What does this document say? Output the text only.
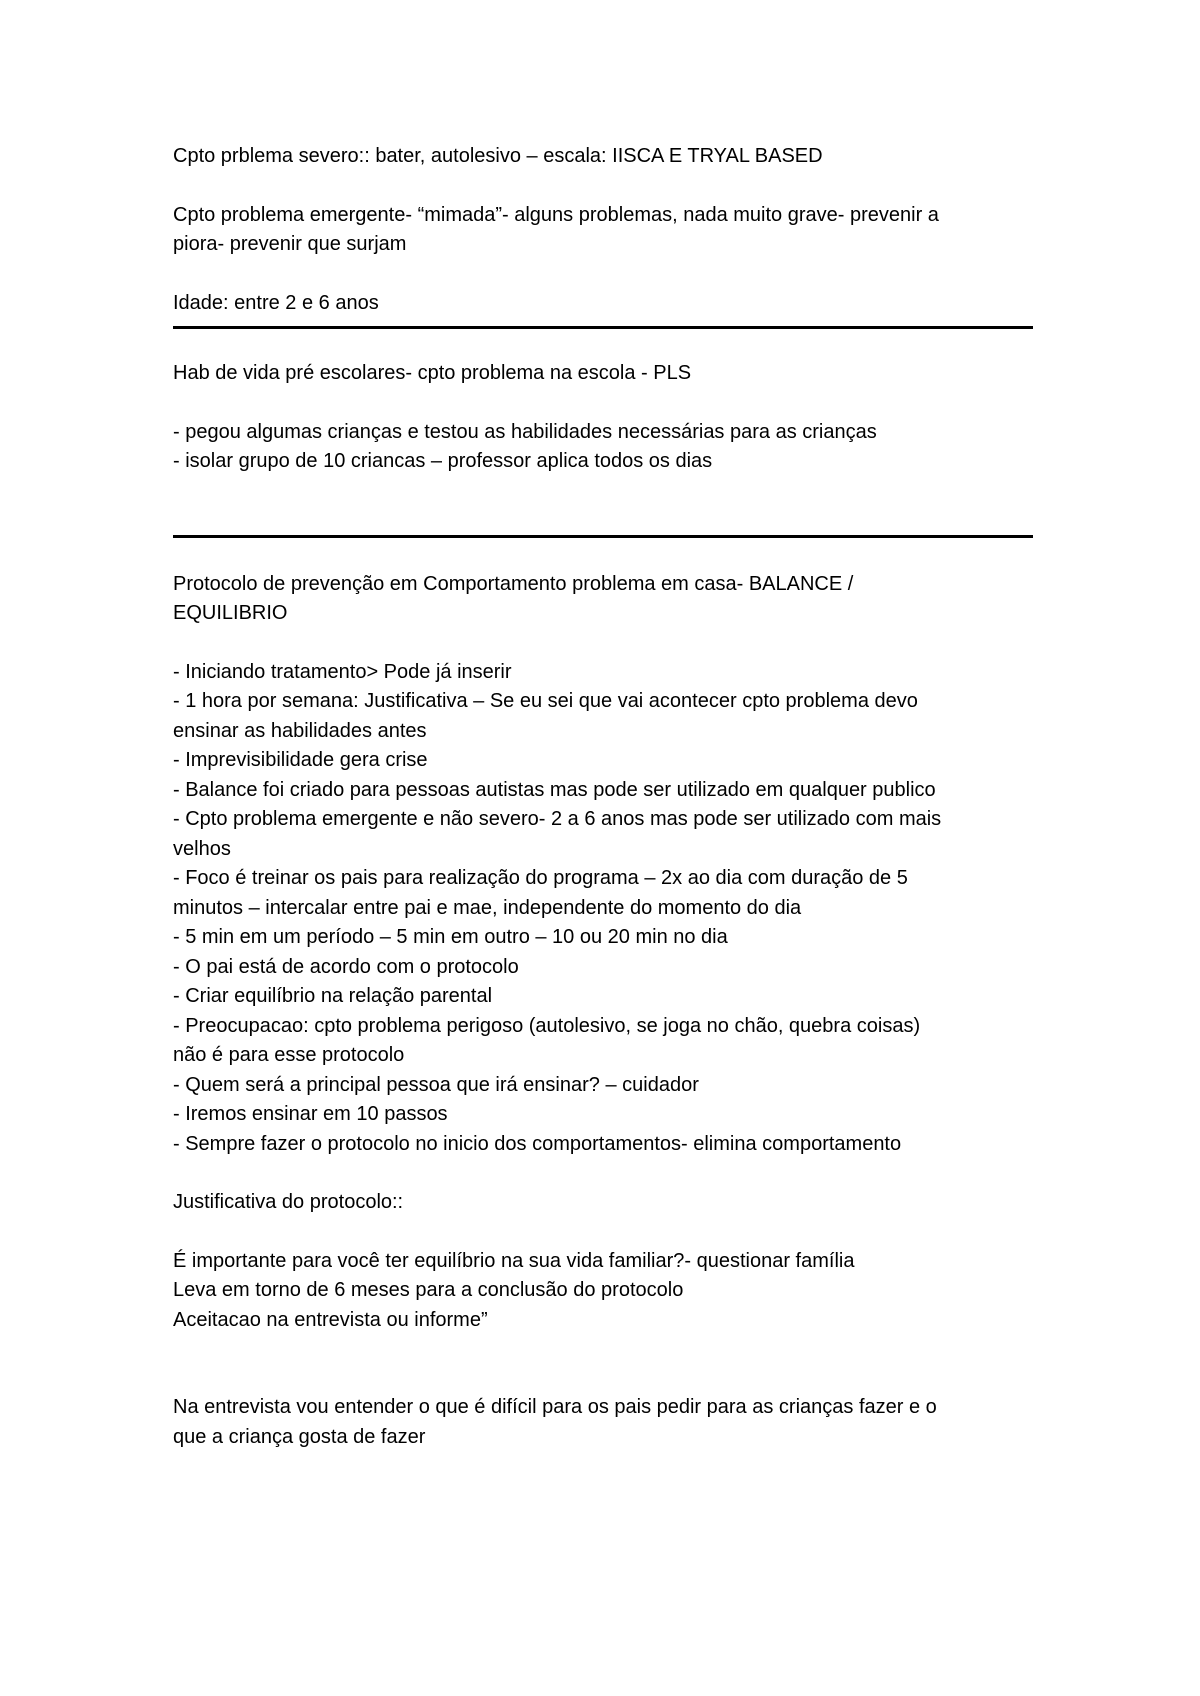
Cpto prblema severo:: bater, autolesivo – escala: IISCA E TRYAL BASED

Cpto problema emergente- “mimada”- alguns problemas, nada muito grave- prevenir a
piora- prevenir que surjam

Idade: entre 2 e 6 anos

Hab de vida pré escolares- cpto problema na escola - PLS

- pegou algumas crianças e testou as habilidades necessárias para as crianças
- isolar grupo de 10 criancas – professor aplica todos os dias

Protocolo de prevenção em Comportamento problema em casa- BALANCE /
EQUILIBRIO

- Iniciando tratamento> Pode já inserir
- 1 hora por semana: Justificativa – Se eu sei que vai acontecer cpto problema devo
ensinar as habilidades antes
- Imprevisibilidade gera crise
- Balance foi criado para pessoas autistas mas pode ser utilizado em qualquer publico
- Cpto problema emergente e não severo- 2 a 6 anos mas pode ser utilizado com mais
velhos
- Foco é treinar os pais para realização do programa – 2x ao dia com duração de 5
minutos – intercalar entre pai e mae, independente do momento do dia
- 5 min em um período – 5 min em outro – 10 ou 20 min no dia
- O pai está de acordo com o protocolo
- Criar equilíbrio na relação parental
- Preocupacao: cpto problema perigoso (autolesivo, se joga no chão, quebra coisas)
não é para esse protocolo
- Quem será a principal pessoa que irá ensinar? – cuidador
- Iremos ensinar em 10 passos
- Sempre fazer o protocolo no inicio dos comportamentos- elimina comportamento

Justificativa do protocolo::

É importante para você ter equilíbrio na sua vida familiar?- questionar família
Leva em torno de 6 meses para a conclusão do protocolo
Aceitacao na entrevista ou informe”

Na entrevista vou entender o que é difícil para os pais pedir para as crianças fazer e o
que a criança gosta de fazer
